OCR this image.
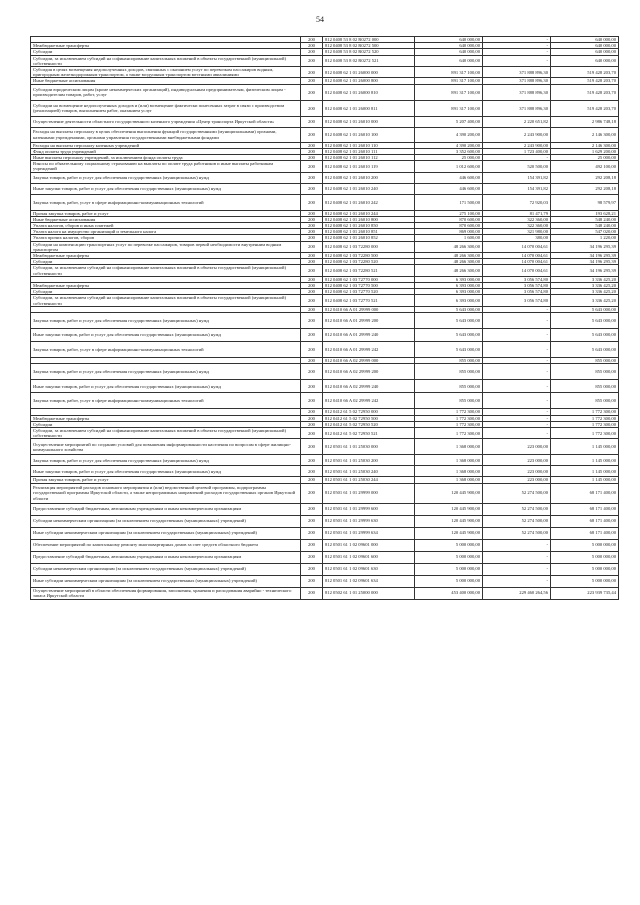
54
	200	812 0408 53 8 02 R0272 000	640 000,00	-	640 000,00
Межбюджетные трансферты	200	812 0408 53 8 02 R0272 500	640 000,00	-	640 000,00
Субсидии	200	812 0408 53 8 02 R0272 520	640 000,00	-	640 000,00
Субсидии, за исключением субсидий на софинансирование капитальных вложений в объекты государственной (муниципальной) собственности	200	812 0408 53 8 02 R0272 521	640 000,00	-	640 000,00
Субсидия в целях возмещения недополученных доходов, связанных с оказанием услуг по перевозкам пассажиров водным, пригородным железнодорожным транспортом, а также воздушным транспортом местными авиалиниями	200	812 0408 62 1 01 26000 000	891 317 100,00	371 888 896,30	519 428 203,70
Иные бюджетные ассигнования	200	812 0408 62 1 01 26000 800	891 317 100,00	371 888 896,30	519 428 203,70
Субсидии юридическим лицам (кроме некоммерческих организаций), индивидуальным предпринимателям, физическим лицам - производителям товаров, работ, услуг	200	812 0408 62 1 01 26000 810	891 317 100,00	371 888 896,30	519 428 203,70
Субсидии на возмещение недополученных доходов и (или) возмещение фактически понесенных затрат в связи с производством (реализацией) товаров, выполнением работ, оказанием услуг	200	812 0408 62 1 01 26000 811	891 317 100,00	371 888 896,30	519 428 203,70
Осуществление деятельности областного государственного казенного учреждения «Центр транспорта Иркутской области»	200	812 0408 62 1 01 26010 000	5 207 400,00	2 220 651,82	2 986 748,18
Расходы на выплаты персоналу в целях обеспечения выполнения функций государственными (муниципальными) органами, казенными учреждениями, органами управления государственными внебюджетными фондами	200	812 0408 62 1 01 26010 100	4 390 200,00	2 243 900,00	2 146 300,00
Расходы на выплаты персоналу казенных учреждений	200	812 0408 62 1 01 26010 110	4 390 200,00	2 243 900,00	2 146 300,00
Фонд оплаты труда учреждений	200	812 0408 62 1 01 26010 111	3 352 600,00	1 723 400,00	1 629 200,00
Иные выплаты персоналу учреждений, за исключением фонда оплаты труда	200	812 0408 62 1 01 26010 112	25 000,00	-	25 000,00
Взносы по обязательному социальному страхованию на выплаты по оплате труда работников и иные выплаты работникам учреждений	200	812 0408 62 1 01 26010 119	1 012 600,00	520 500,00	492 100,00
Закупка товаров, работ и услуг для обеспечения государственных (муниципальных) нужд	200	812 0408 62 1 01 26010 200	446 600,00	154 391,82	292 208,18
Иные закупки товаров, работ и услуг для обеспечения государственных (муниципальных) нужд	200	812 0408 62 1 01 26010 240	446 600,00	154 391,82	292 208,18
Закупка товаров, работ, услуг в сфере информационно-коммуникационных технологий	200	812 0408 62 1 01 26010 242	171 500,00	72 920,03	98 579,97
Прочая закупка товаров, работ и услуг	200	812 0408 62 1 01 26010 244	275 100,00	81 471,79	193 628,21
Иные бюджетные ассигнования	200	812 0408 62 1 01 26010 800	870 600,00	322 360,00	548 240,00
Уплата налогов, сборов и иных платежей	200	812 0408 62 1 01 26010 850	870 600,00	322 360,00	548 240,00
Уплата налога на имущество организаций и земельного налога	200	812 0408 62 1 01 26010 851	869 000,00	321 980,00	547 020,00
Уплата прочих налогов, сборов	200	812 0408 62 1 01 26010 852	1 600,00	380,00	1 220,00
Субсидии на компенсацию транспортных услуг по перевозке пассажиров, товаров первой необходимости внутренним водным транспортом	200	812 0408 62 1 03 72280 000	48 266 300,00	14 070 004,61	34 196 295,39
Межбюджетные трансферты	200	812 0408 62 1 03 72280 500	48 266 300,00	14 070 004,61	34 196 295,39
Субсидии	200	812 0408 62 1 03 72280 520	48 266 300,00	14 070 004,61	34 196 295,39
Субсидии, за исключением субсидий на софинансирование капитальных вложений в объекты государственной (муниципальной) собственности	200	812 0408 62 1 03 72280 521	48 266 300,00	14 070 004,61	34 196 295,39
	200	812 0408 62 1 03 72770 000	6 393 000,00	3 056 574,80	3 336 425,20
Межбюджетные трансферты	200	812 0408 62 1 03 72770 500	6 393 000,00	3 056 574,80	3 336 425,20
Субсидии	200	812 0408 62 1 03 72770 520	6 393 000,00	3 056 574,80	3 336 425,20
Субсидии, за исключением субсидий на софинансирование капитальных вложений в объекты государственной (муниципальной) собственности	200	812 0408 62 1 03 72770 521	6 393 000,00	3 056 574,80	3 336 425,20
	200	812 0410 66 A 01 29999 000	5 643 000,00	-	5 643 000,00
Закупка товаров, работ и услуг для обеспечения государственных (муниципальных) нужд	200	812 0410 66 A 01 29999 200	5 643 000,00	-	5 643 000,00
Иные закупки товаров, работ и услуг для обеспечения государственных (муниципальных) нужд	200	812 0410 66 A 01 29999 240	5 643 000,00	-	5 643 000,00
Закупка товаров, работ, услуг в сфере информационно-коммуникационных технологий	200	812 0410 66 A 01 29999 242	5 643 000,00	-	5 643 000,00
	200	812 0410 66 A 02 29999 000	855 000,00	-	855 000,00
Закупка товаров, работ и услуг для обеспечения государственных (муниципальных) нужд	200	812 0410 66 A 02 29999 200	855 000,00	-	855 000,00
Иные закупки товаров, работ и услуг для обеспечения государственных (муниципальных) нужд	200	812 0410 66 A 02 29999 240	855 000,00	-	855 000,00
Закупка товаров, работ, услуг в сфере информационно-коммуникационных технологий	200	812 0410 66 A 02 29999 242	855 000,00	-	855 000,00
	200	812 0412 61 5 02 72950 000	1 772 300,00	-	1 772 300,00
Межбюджетные трансферты	200	812 0412 61 5 02 72950 500	1 772 300,00	-	1 772 300,00
Субсидии	200	812 0412 61 5 02 72950 520	1 772 300,00	-	1 772 300,00
Субсидии, за исключением субсидий на софинансирование капитальных вложений в объекты государственной (муниципальной) собственности	200	812 0412 61 5 02 72950 521	1 772 300,00	-	1 772 300,00
Осуществление мероприятий по созданию условий для повышения информированности населения по вопросам в сфере жилищно-коммунального хозяйства	200	812 0501 61 1 01 25030 000	1 368 000,00	223 000,00	1 145 000,00
Закупка товаров, работ и услуг для обеспечения государственных (муниципальных) нужд	200	812 0501 61 1 01 25030 200	1 368 000,00	223 000,00	1 145 000,00
Иные закупки товаров, работ и услуг для обеспечения государственных (муниципальных) нужд	200	812 0501 61 1 01 25030 240	1 368 000,00	223 000,00	1 145 000,00
Прочая закупка товаров, работ и услуг	200	812 0501 61 1 01 25030 244	1 368 000,00	223 000,00	1 145 000,00
Реализация мероприятий расходов основного мероприятия и (или) ведомственной целевой программы, подпрограммы государственной программы Иркутской области, а также непрограммных направлений расходов государственных органов Иркутской области	200	812 0501 61 1 01 29999 000	120 445 900,00	52 274 500,00	68 171 400,00
Предоставление субсидий бюджетным, автономным учреждениям и иным некоммерческим организациям	200	812 0501 61 1 01 29999 600	120 445 900,00	52 274 500,00	68 171 400,00
Субсидии некоммерческим организациям (за исключением государственных (муниципальных) учреждений)	200	812 0501 61 1 01 29999 630	120 445 900,00	52 274 500,00	68 171 400,00
Иные субсидии некоммерческим организациям (за исключением государственных (муниципальных) учреждений)	200	812 0501 61 1 01 29999 634	120 445 900,00	52 274 500,00	68 171 400,00
Обеспечение мероприятий по капитальному ремонту многоквартирных домов за счет средств областного бюджета	200	812 0501 61 1 02 09601 000	5 000 000,00	-	5 000 000,00
Предоставление субсидий бюджетным, автономным учреждениям и иным некоммерческим организациям	200	812 0501 61 1 02 09601 600	5 000 000,00	-	5 000 000,00
Субсидии некоммерческим организациям (за исключением государственных (муниципальных) учреждений)	200	812 0501 61 1 02 09601 630	5 000 000,00	-	5 000 000,00
Иные субсидии некоммерческим организациям (за исключением государственных (муниципальных) учреждений)	200	812 0501 61 1 02 09601 634	5 000 000,00	-	5 000 000,00
Осуществление мероприятий в области обеспечения формирования, заполнения, хранения и расходования аварийно - технического запаса Иркутской области	200	812 0502 61 1 01 25000 000	453 400 000,00	229 460 264,56	223 939 735,44
